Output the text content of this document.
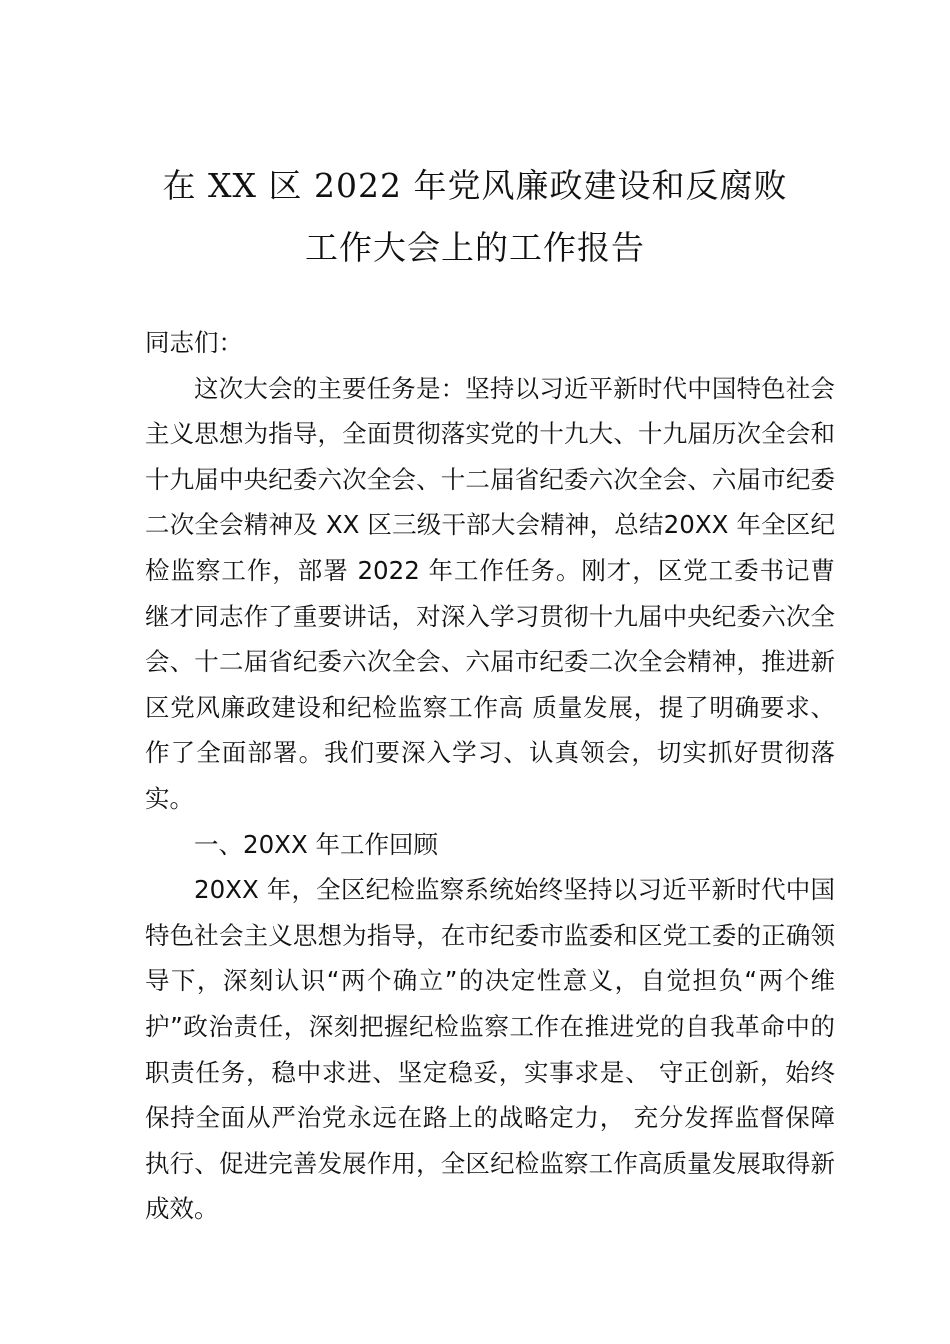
在 XX 区 2022 年党风廉政建设和反腐败
工作大会上的工作报告

同志们：

这次大会的主要任务是：坚持以习近平新时代中国特色社会主义思想为指导，全面贯彻落实党的十九大、十九届历次全会和十九届中央纪委六次全会、十二届省纪委六次全会、六届市纪委二次全会精神及 XX 区三级干部大会精神，总结20XX 年全区纪检监察工作，部署 2022 年工作任务。刚才，区党工委书记曹继才同志作了重要讲话，对深入学习贯彻十九届中央纪委六次全会、十二届省纪委六次全会、六届市纪委二次全会精神，推进新区党风廉政建设和纪检监察工作高 质量发展，提了明确要求、作了全面部署。我们要深入学习、认真领会，切实抓好贯彻落实。

一、20XX 年工作回顾

20XX 年，全区纪检监察系统始终坚持以习近平新时代中国特色社会主义思想为指导，在市纪委市监委和区党工委的正确领导下，深刻认识“两个确立”的决定性意义，自觉担负“两个维护”政治责任，深刻把握纪检监察工作在推进党的自我革命中的职责任务，稳中求进、坚定稳妥，实事求是、 守正创新，始终保持全面从严治党永远在路上的战略定力， 充分发挥监督保障执行、促进完善发展作用，全区纪检监察工作高质量发展取得新成效。
